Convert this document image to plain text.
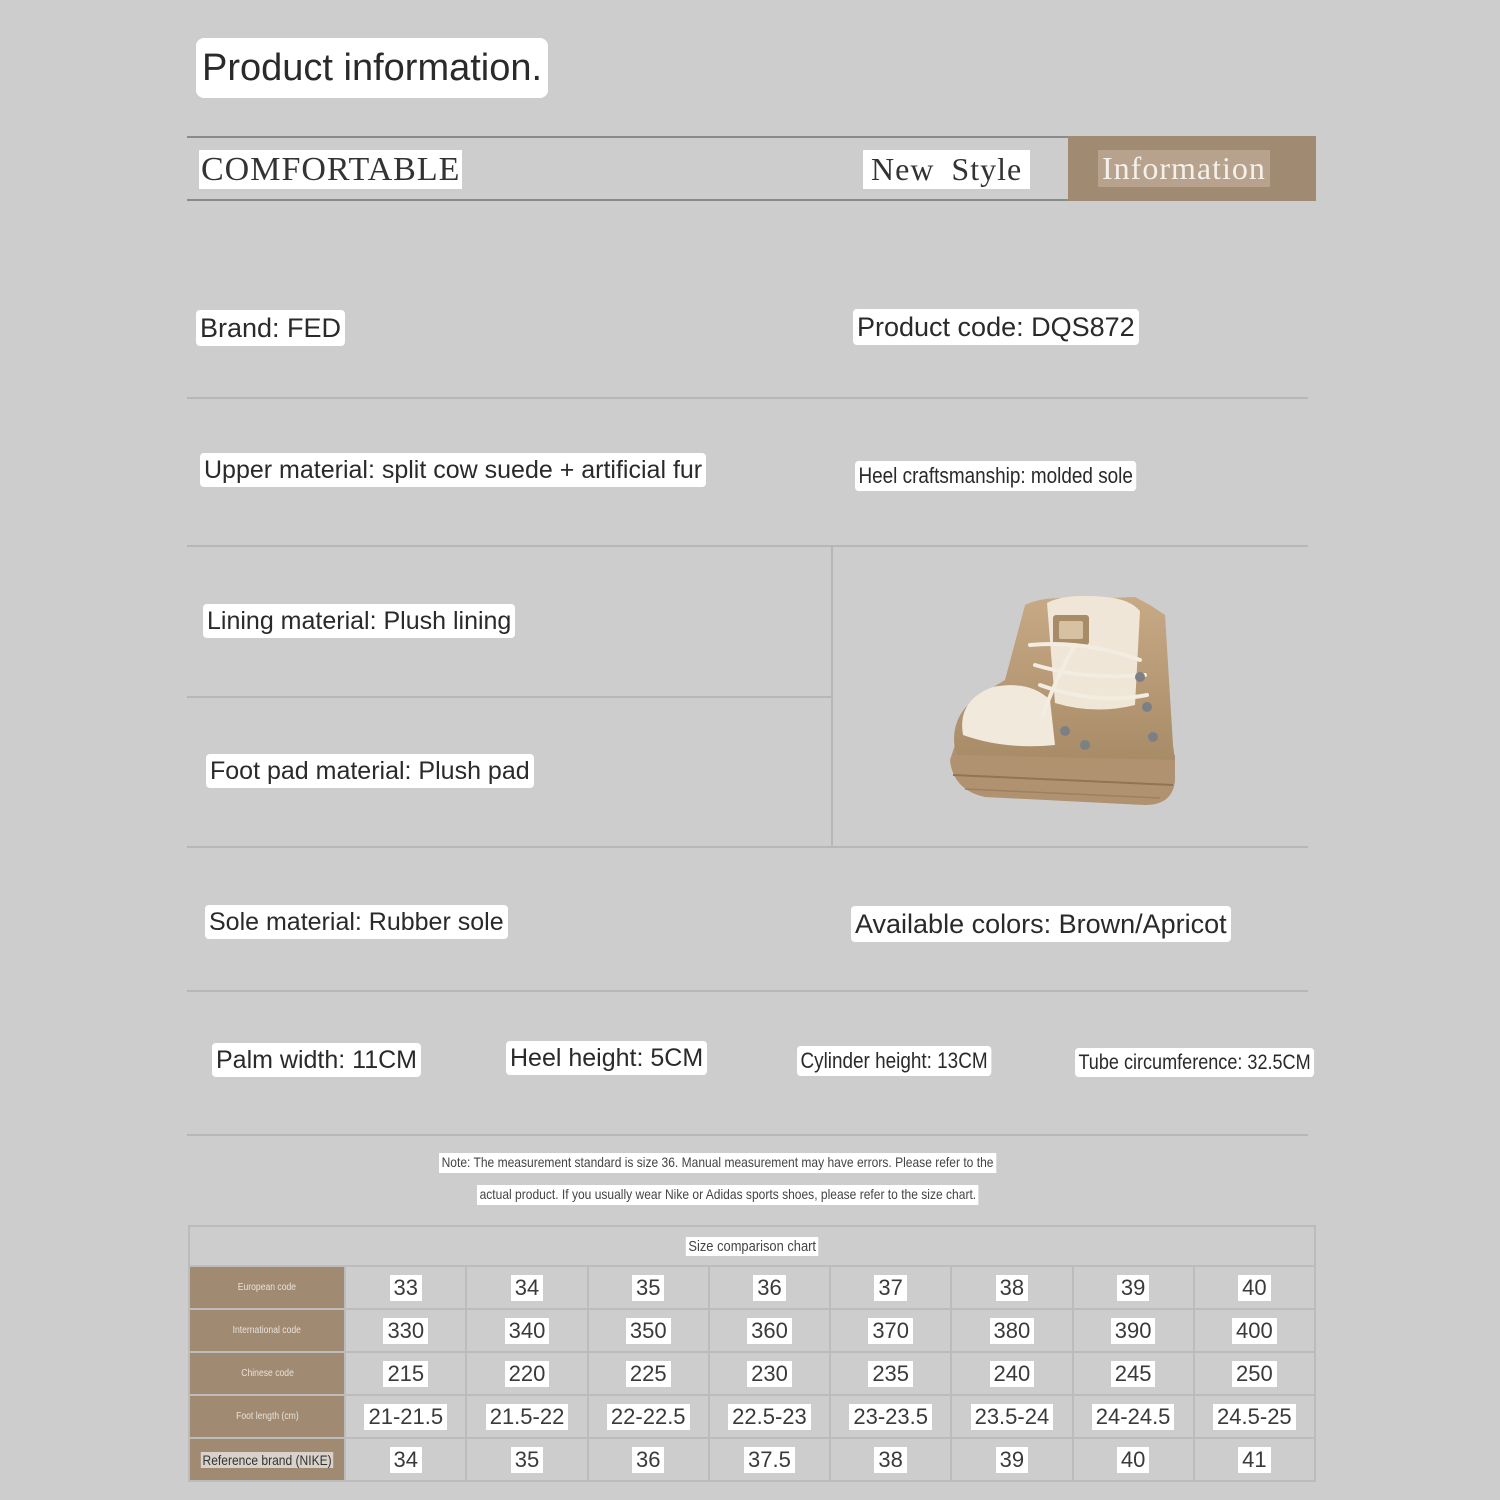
Product information.
COMFORTABLE	New Style Information
Brand: FED	Product code: DQS872
Upper material: split cow suede + artificial fur	Heel craftsmanship: molded sole
Lining material: Plush lining
Foot pad material: Plush pad
Sole material: Rubber sole	Available colors: Brown/Apricot
Palm width: 11CM	Heel height: 5CM	Cylinder height: 13CM	Tube circumference: 32.5CM
Note: The measurement standard is size 36. Manual measurement may have errors. Please refer to the
actual product. If you usually wear Nike or Adidas sports shoes, please refer to the size chart.
Size comparison chart								
European code	33	34	35	36	37	38	39	40
International code	330	340	350	360	370	380	390	400
Chinese code	215	220	225	230	235	240	245	250
Foot length (cm)	21-21.5	21.5-22	22-22.5	22.5-23	23-23.5	23.5-24	24-24.5	24.5-25
Reference brand (NIKE)	34	35	36	37.5	38	39	40	41
